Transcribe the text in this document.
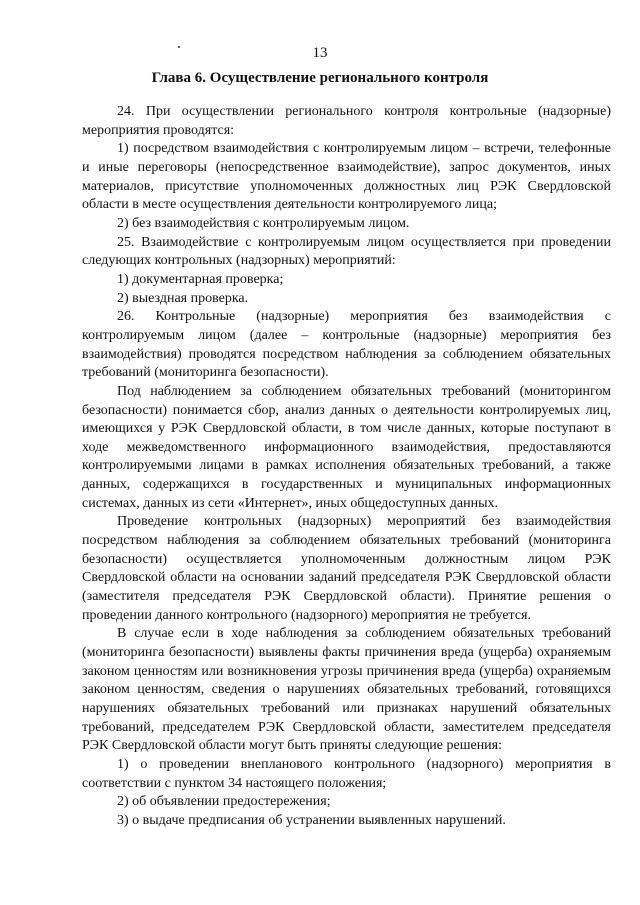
13
Глава 6. Осуществление регионального контроля

24. При осуществлении регионального контроля контрольные (надзорные) мероприятия проводятся:

1) посредством взаимодействия с контролируемым лицом – встречи, телефонные и иные переговоры (непосредственное взаимодействие), запрос документов, иных материалов, присутствие уполномоченных должностных лиц РЭК Свердловской области в месте осуществления деятельности контролируемого лица;

2) без взаимодействия с контролируемым лицом.

25. Взаимодействие с контролируемым лицом осуществляется при проведении следующих контрольных (надзорных) мероприятий:

1) документарная проверка;

2) выездная проверка.

26. Контрольные (надзорные) мероприятия без взаимодействия с контролируемым лицом (далее – контрольные (надзорные) мероприятия без взаимодействия) проводятся посредством наблюдения за соблюдением обязательных требований (мониторинга безопасности).

Под наблюдением за соблюдением обязательных требований (мониторингом безопасности) понимается сбор, анализ данных о деятельности контролируемых лиц, имеющихся у РЭК Свердловской области, в том числе данных, которые поступают в ходе межведомственного информационного взаимодействия, предоставляются контролируемыми лицами в рамках исполнения обязательных требований, а также данных, содержащихся в государственных и муниципальных информационных системах, данных из сети «Интернет», иных общедоступных данных.

Проведение контрольных (надзорных) мероприятий без взаимодействия посредством наблюдения за соблюдением обязательных требований (мониторинга безопасности) осуществляется уполномоченным должностным лицом РЭК Свердловской области на основании заданий председателя РЭК Свердловской области (заместителя председателя РЭК Свердловской области). Принятие решения о проведении данного контрольного (надзорного) мероприятия не требуется.

В случае если в ходе наблюдения за соблюдением обязательных требований (мониторинга безопасности) выявлены факты причинения вреда (ущерба) охраняемым законом ценностям или возникновения угрозы причинения вреда (ущерба) охраняемым законом ценностям, сведения о нарушениях обязательных требований, готовящихся нарушениях обязательных требований или признаках нарушений обязательных требований, председателем РЭК Свердловской области, заместителем председателя РЭК Свердловской области могут быть приняты следующие решения:

1) о проведении внепланового контрольного (надзорного) мероприятия в соответствии с пунктом 34 настоящего положения;

2) об объявлении предостережения;

3) о выдаче предписания об устранении выявленных нарушений.
